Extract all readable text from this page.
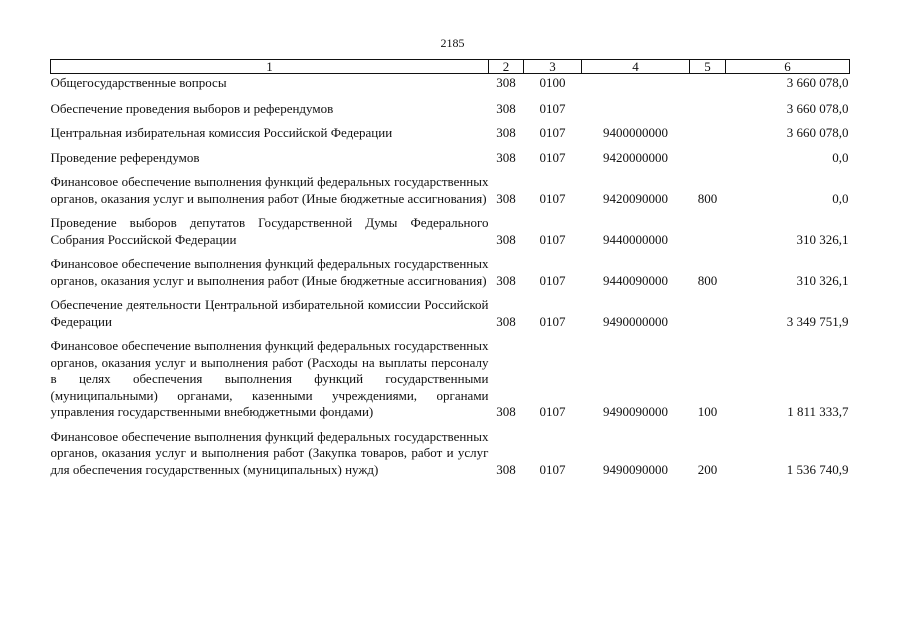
2185
1	2	3	4	5	6
Общегосударственные вопросы	308	0100			3 660 078,0
Обеспечение проведения выборов и референдумов	308	0107			3 660 078,0
Центральная избирательная комиссия Российской Федерации	308	0107	9400000000		3 660 078,0
Проведение референдумов	308	0107	9420000000		0,0
Финансовое обеспечение выполнения функций федеральных государственных органов, оказания услуг и выполнения работ (Иные бюджетные ассигнования)	308	0107	9420090000	800	0,0
Проведение выборов депутатов Государственной Думы Федерального Собрания Российской Федерации	308	0107	9440000000		310 326,1
Финансовое обеспечение выполнения функций федеральных государственных органов, оказания услуг и выполнения работ (Иные бюджетные ассигнования)	308	0107	9440090000	800	310 326,1
Обеспечение деятельности Центральной избирательной комиссии Российской Федерации	308	0107	9490000000		3 349 751,9
Финансовое обеспечение выполнения функций федеральных государственных органов, оказания услуг и выполнения работ (Расходы на выплаты персоналу в целях обеспечения выполнения функций государственными (муниципальными) органами, казенными учреждениями, органами управления государственными внебюджетными фондами)	308	0107	9490090000	100	1 811 333,7
Финансовое обеспечение выполнения функций федеральных государственных органов, оказания услуг и выполнения работ (Закупка товаров, работ и услуг для обеспечения государственных (муниципальных) нужд)	308	0107	9490090000	200	1 536 740,9
